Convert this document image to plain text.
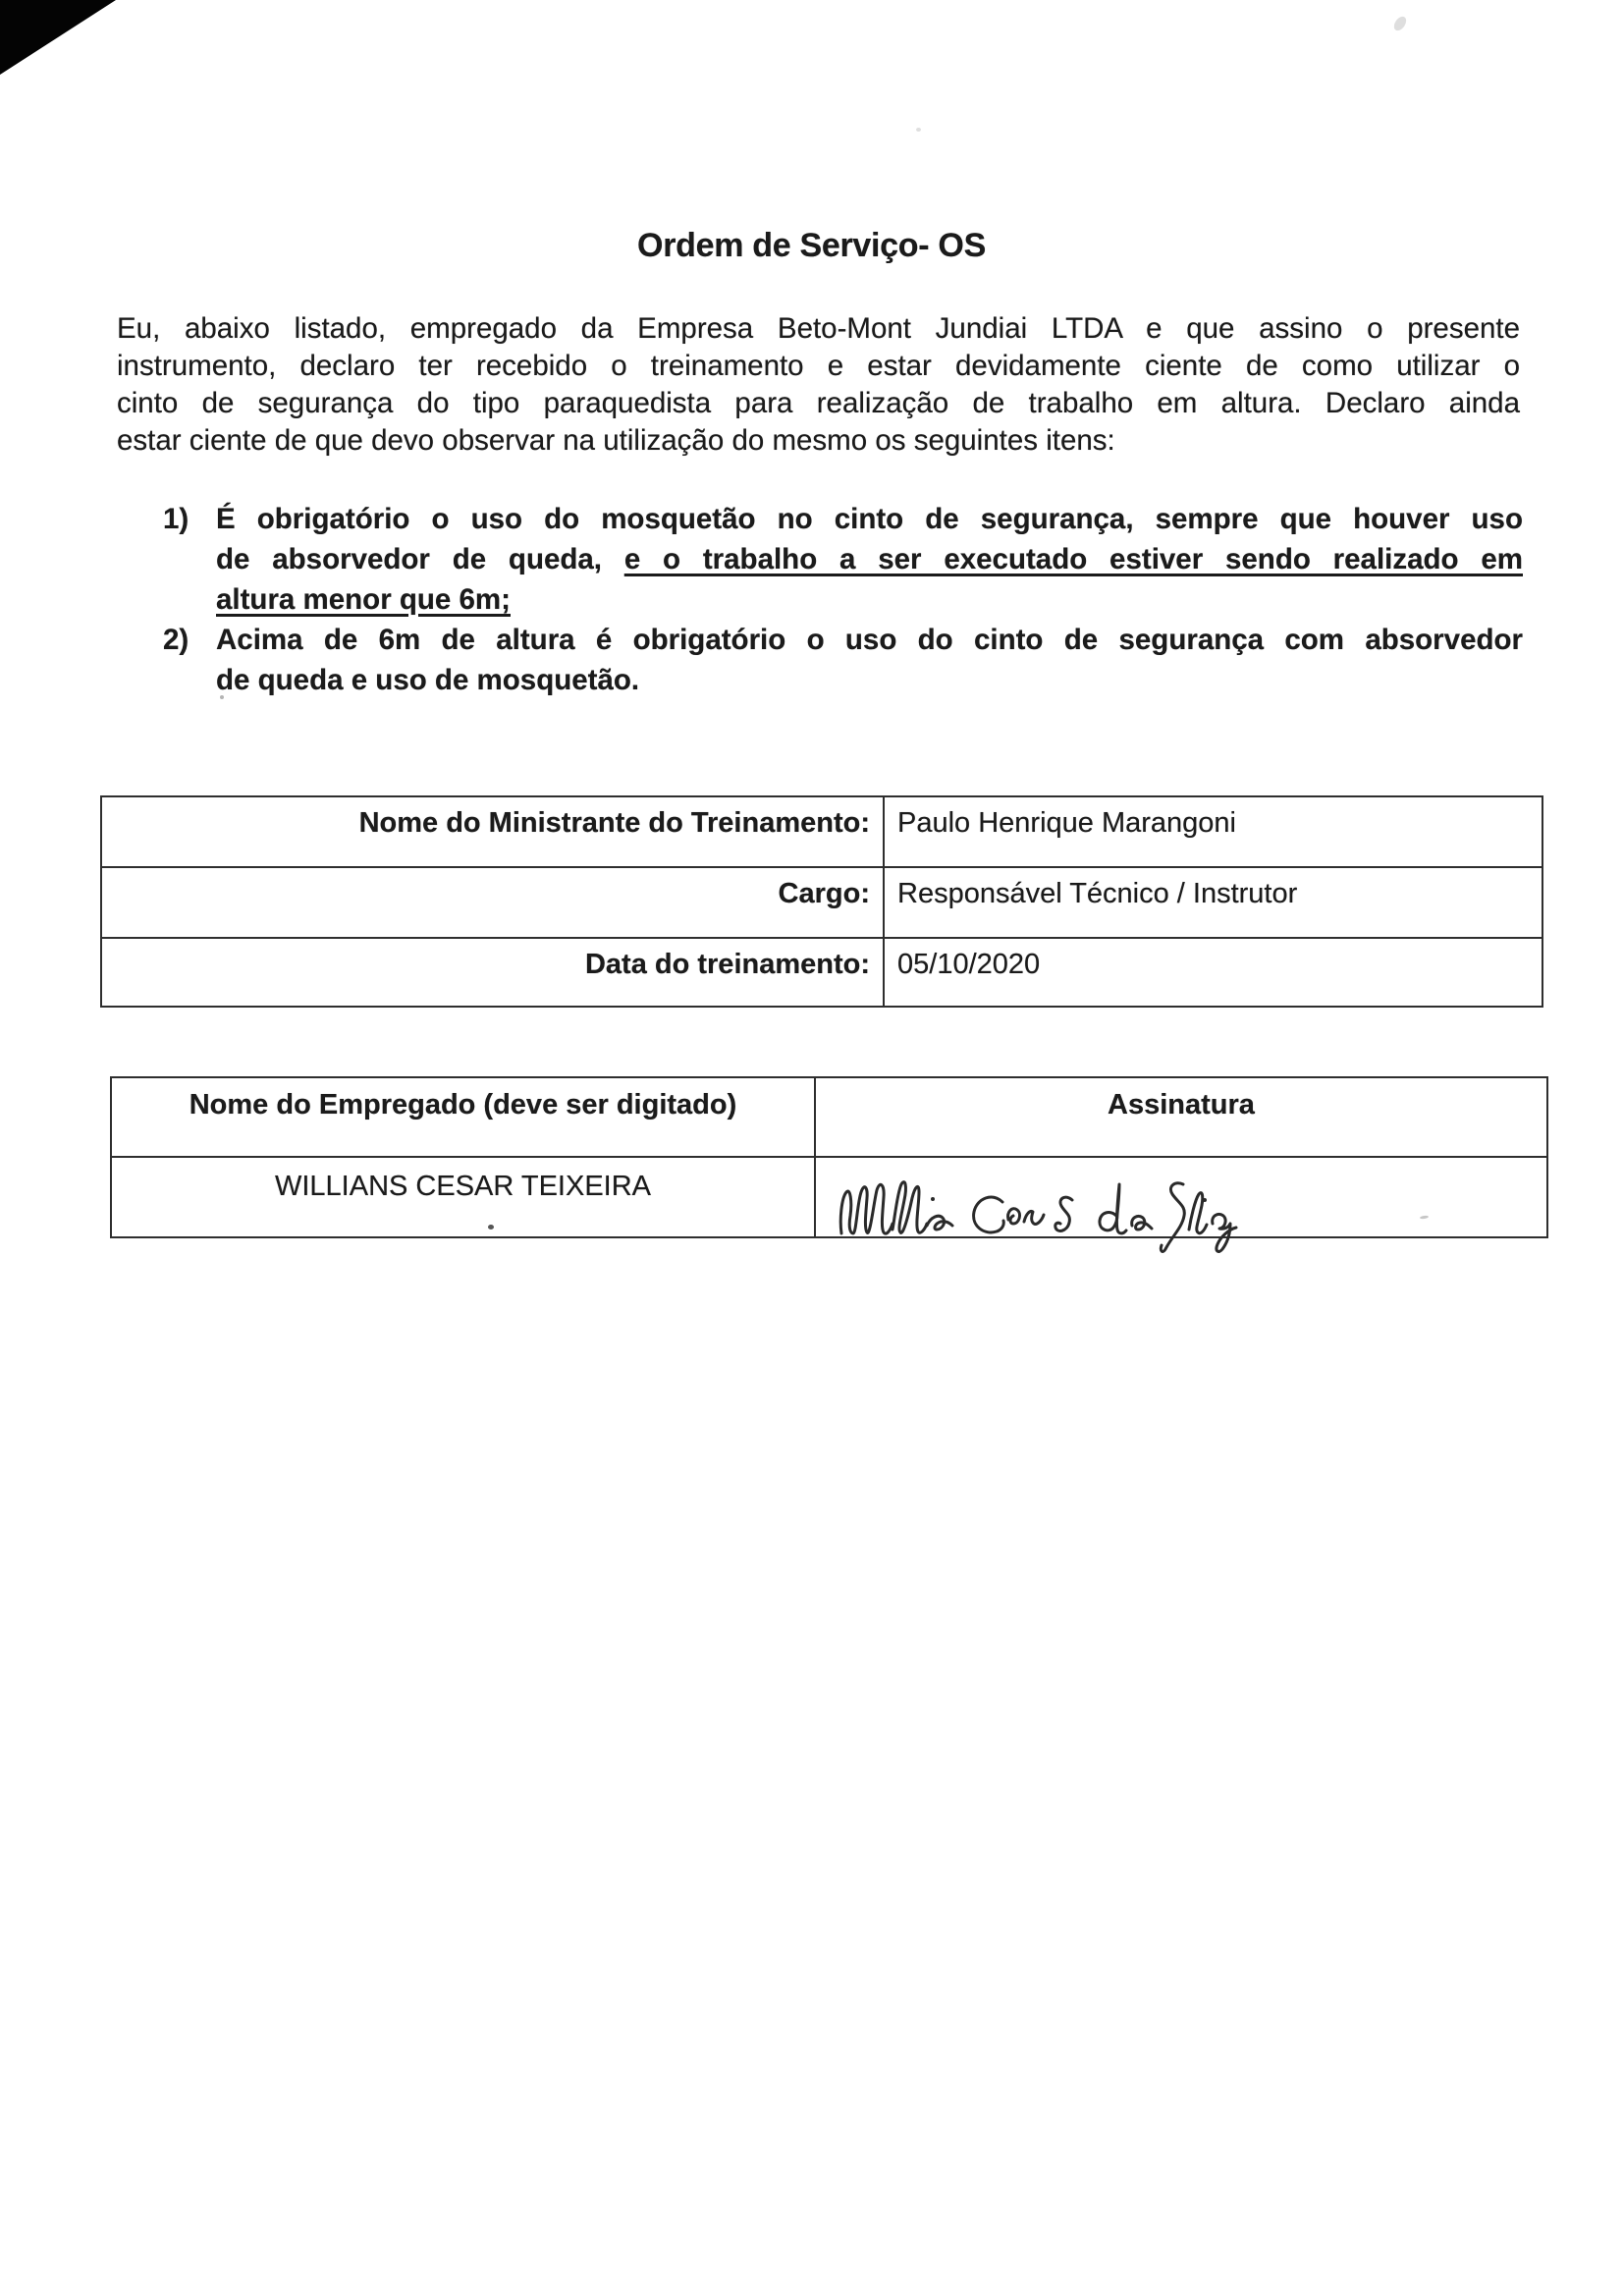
Ordem de Serviço- OS
Eu, abaixo listado, empregado da Empresa Beto-Mont Jundiai LTDA e que assino o presente
instrumento, declaro ter recebido o treinamento e estar devidamente ciente de como utilizar o
cinto de segurança do tipo paraquedista para realização de trabalho em altura. Declaro ainda
estar ciente de que devo observar na utilização do mesmo os seguintes itens:
1) É obrigatório o uso do mosquetão no cinto de segurança, sempre que houver uso
de absorvedor de queda, e o trabalho a ser executado estiver sendo realizado em
altura menor que 6m;
2) Acima de 6m de altura é obrigatório o uso do cinto de segurança com absorvedor
de queda e uso de mosquetão.
Nome do Ministrante do Treinamento: Paulo Henrique Marangoni
Cargo: Responsável Técnico / Instrutor
Data do treinamento: 05/10/2020
Nome do Empregado (deve ser digitado)	Assinatura
WILLIANS CESAR TEIXEIRA
